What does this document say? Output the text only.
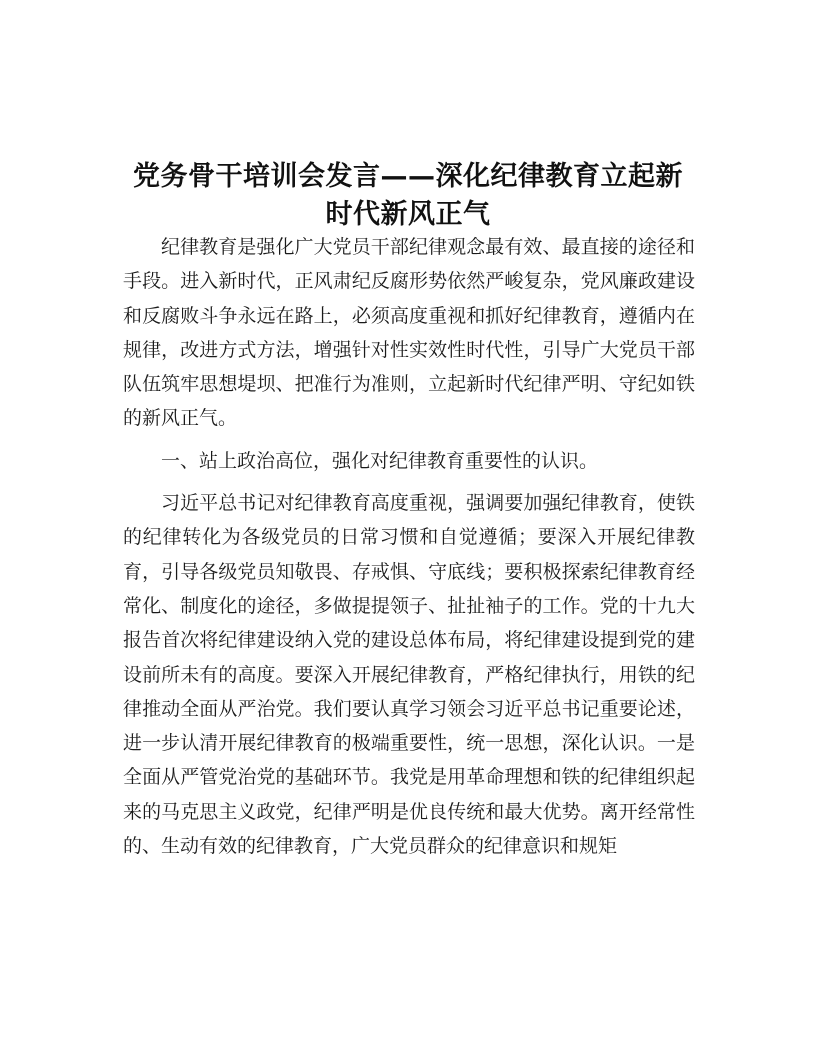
党务骨干培训会发言——深化纪律教育立起新
时代新风正气

纪律教育是强化广大党员干部纪律观念最有效、最直接的途径和手段。进入新时代，正风肃纪反腐形势依然严峻复杂，党风廉政建设和反腐败斗争永远在路上，必须高度重视和抓好纪律教育，遵循内在规律，改进方式方法，增强针对性实效性时代性，引导广大党员干部队伍筑牢思想堤坝、把准行为准则，立起新时代纪律严明、守纪如铁的新风正气。

一、站上政治高位，强化对纪律教育重要性的认识。

习近平总书记对纪律教育高度重视，强调要加强纪律教育，使铁的纪律转化为各级党员的日常习惯和自觉遵循；要深入开展纪律教育，引导各级党员知敬畏、存戒惧、守底线；要积极探索纪律教育经常化、制度化的途径，多做提提领子、扯扯袖子的工作。党的十九大报告首次将纪律建设纳入党的建设总体布局，将纪律建设提到党的建设前所未有的高度。要深入开展纪律教育，严格纪律执行，用铁的纪律推动全面从严治党。我们要认真学习领会习近平总书记重要论述，进一步认清开展纪律教育的极端重要性，统一思想，深化认识。一是全面从严管党治党的基础环节。我党是用革命理想和铁的纪律组织起来的马克思主义政党，纪律严明是优良传统和最大优势。离开经常性的、生动有效的纪律教育，广大党员群众的纪律意识和规矩
